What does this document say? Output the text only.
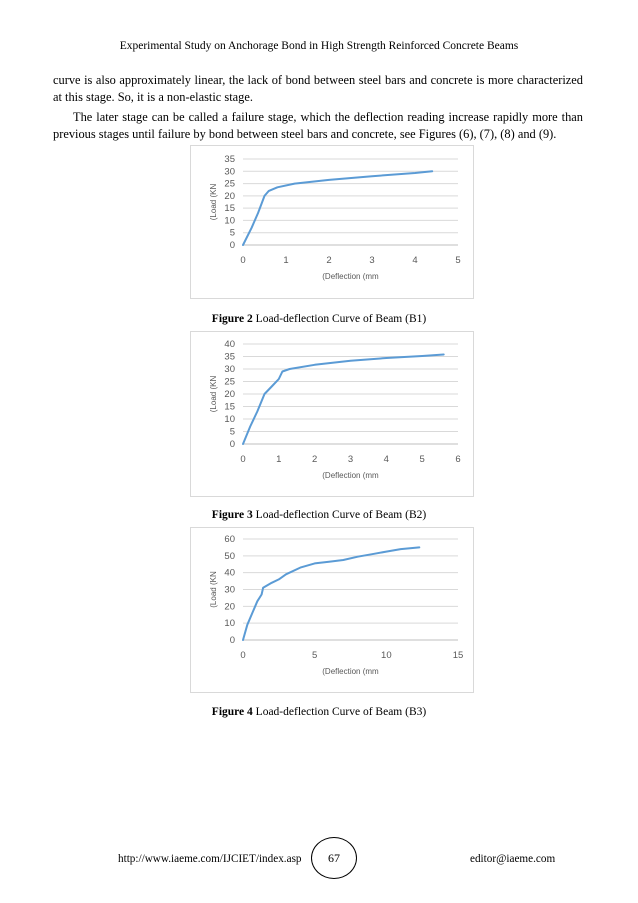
Experimental Study on Anchorage Bond in High Strength Reinforced Concrete Beams

curve is also approximately linear, the lack of bond between steel bars and concrete is more characterized at this stage. So, it is a non-elastic stage.

The later stage can be called a failure stage, which the deflection reading increase rapidly more than previous stages until failure by bond between steel bars and concrete, see Figures (6), (7), (8) and (9).

0
5
10
15
20
25
30
35
0	1	2	3	4	5
(Deflection (mm
(Load (KN
Figure 2 Load-deflection Curve of Beam (B1)
0
5
10
15
20
25
30
35
40
0	1	2	3	4	5	6
(Deflection (mm
(Load (KN
Figure 3 Load-deflection Curve of Beam (B2)
0
10
20
30
40
50
60
0	5	10	15
(Deflection (mm
(Load (KN
Figure 4 Load-deflection Curve of Beam (B3)
http://www.iaeme.com/IJCIET/index.asp	67	editor@iaeme.com
